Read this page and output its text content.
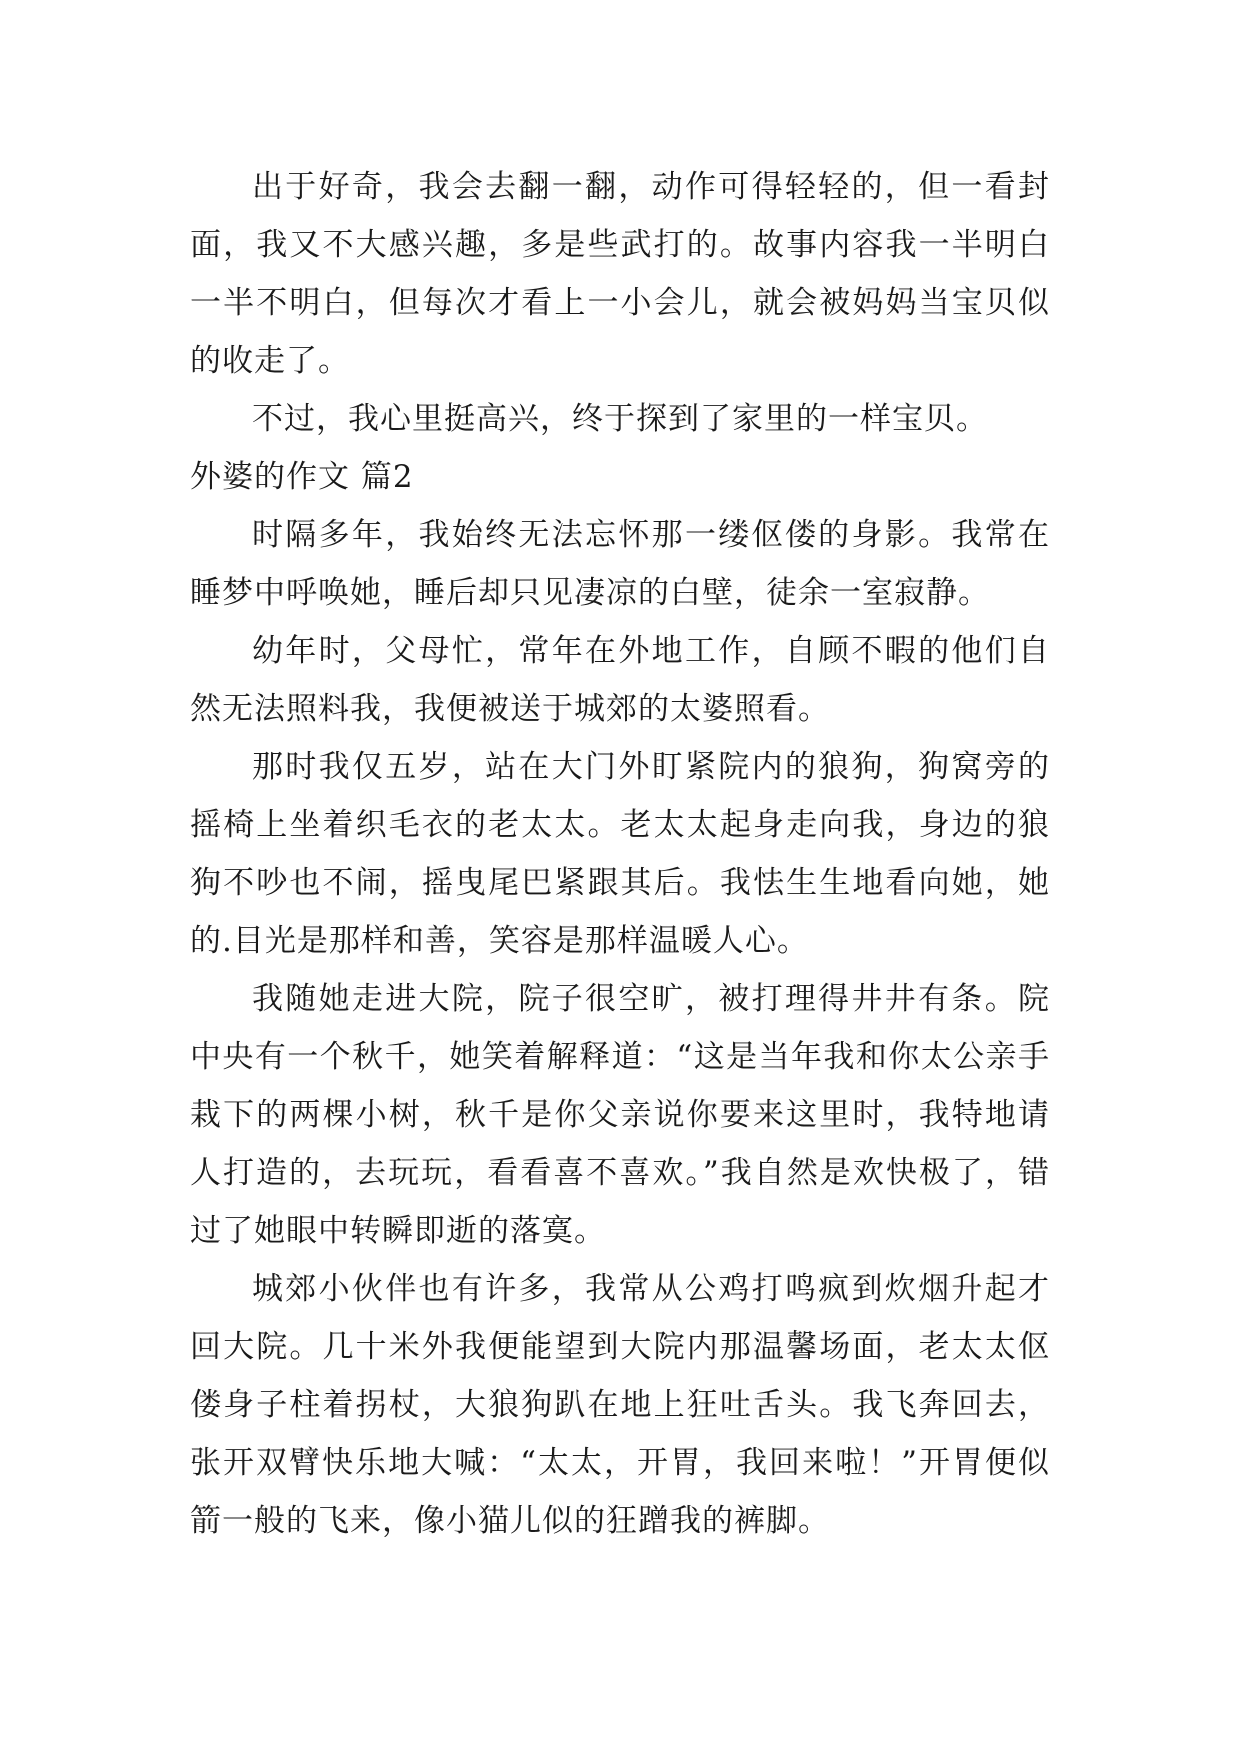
出于好奇，我会去翻一翻，动作可得轻轻的，但一看封面，我又不大感兴趣，多是些武打的。故事内容我一半明白一半不明白，但每次才看上一小会儿，就会被妈妈当宝贝似的收走了。

不过，我心里挺高兴，终于探到了家里的一样宝贝。

外婆的作文 篇2

时隔多年，我始终无法忘怀那一缕伛偻的身影。我常在睡梦中呼唤她，睡后却只见凄凉的白壁，徒余一室寂静。

幼年时，父母忙，常年在外地工作，自顾不暇的他们自然无法照料我，我便被送于城郊的太婆照看。

那时我仅五岁，站在大门外盯紧院内的狼狗，狗窝旁的摇椅上坐着织毛衣的老太太。老太太起身走向我，身边的狼狗不吵也不闹，摇曳尾巴紧跟其后。我怯生生地看向她，她的.目光是那样和善，笑容是那样温暖人心。

我随她走进大院，院子很空旷，被打理得井井有条。院中央有一个秋千，她笑着解释道：“这是当年我和你太公亲手栽下的两棵小树，秋千是你父亲说你要来这里时，我特地请人打造的，去玩玩，看看喜不喜欢。”我自然是欢快极了，错过了她眼中转瞬即逝的落寞。

城郊小伙伴也有许多，我常从公鸡打鸣疯到炊烟升起才回大院。几十米外我便能望到大院内那温馨场面，老太太伛偻身子柱着拐杖，大狼狗趴在地上狂吐舌头。我飞奔回去，张开双臂快乐地大喊：“太太，开胃，我回来啦！”开胃便似箭一般的飞来，像小猫儿似的狂蹭我的裤脚。
